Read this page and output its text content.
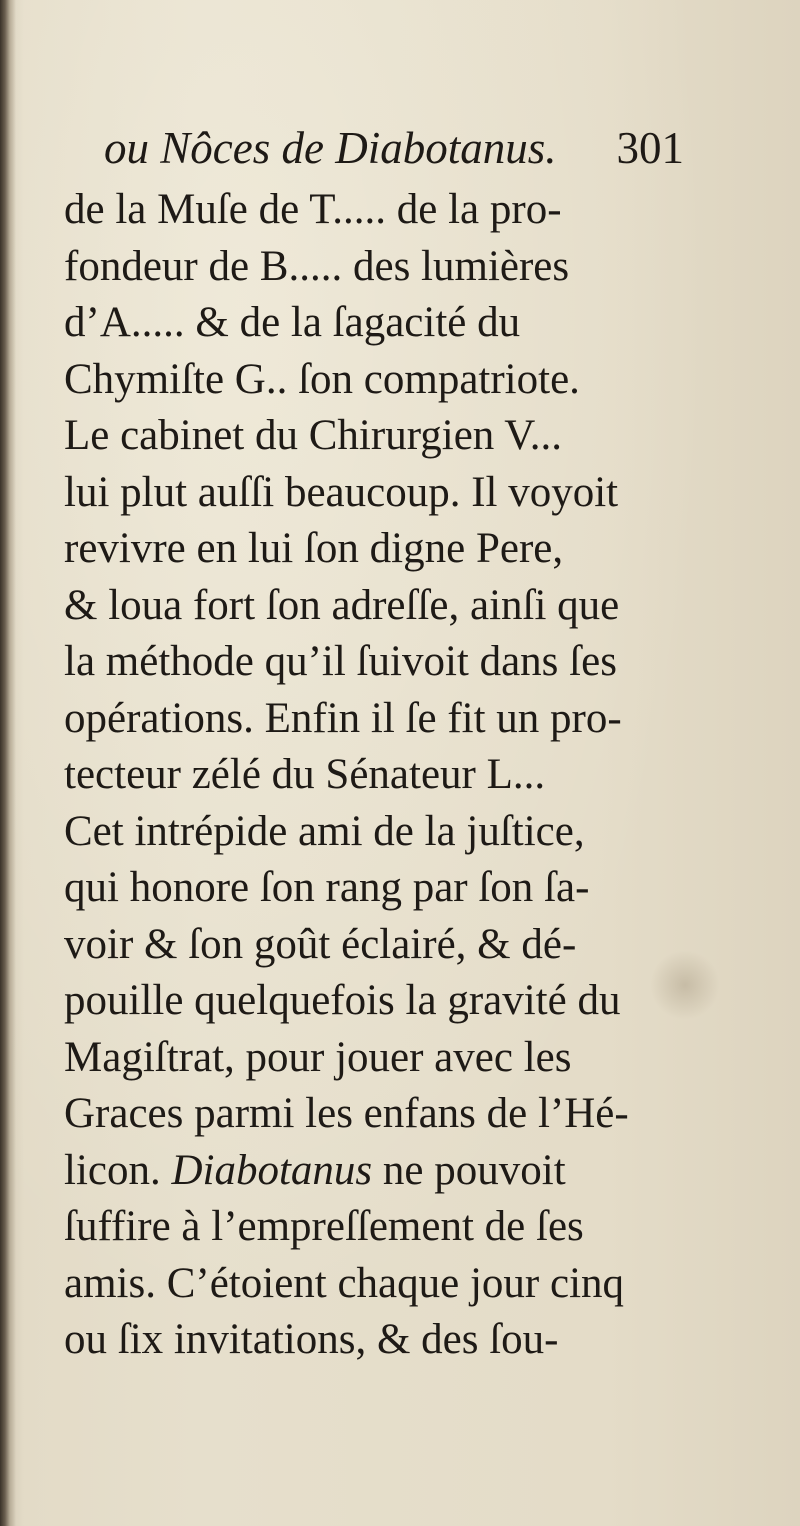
ou Nôces de Diabotanus. 301
de la Muſe de T..... de la pro-
fondeur de B..... des lumières
d’A..... & de la ſagacité du
Chymiſte G.. ſon compatriote.
Le cabinet du Chirurgien V...
lui plut auſſi beaucoup. Il voyoit
revivre en lui ſon digne Pere,
& loua fort ſon adreſſe, ainſi que
la méthode qu’il ſuivoit dans ſes
opérations. Enfin il ſe fit un pro-
tecteur zélé du Sénateur L...
Cet intrépide ami de la juſtice,
qui honore ſon rang par ſon ſa-
voir & ſon goût éclairé, & dé-
pouille quelquefois la gravité du
Magiſtrat, pour jouer avec les
Graces parmi les enfans de l’Hé-
licon. Diabotanus ne pouvoit
ſuffire à l’empreſſement de ſes
amis. C’étoient chaque jour cinq
ou ſix invitations, & des ſou-
